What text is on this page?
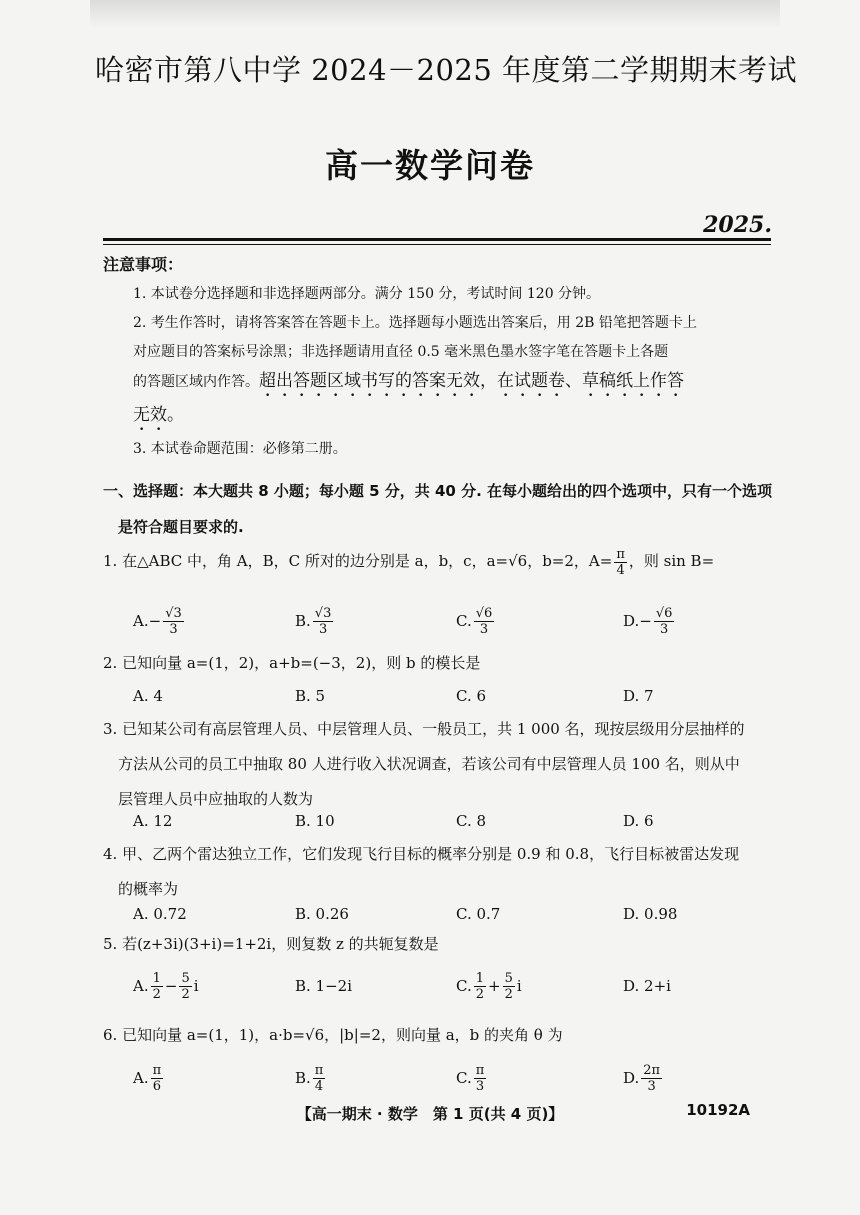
哈密市第八中学 2024－2025 年度第二学期期末考试
高一数学问卷
2025.
注意事项：
1. 本试卷分选择题和非选择题两部分。满分 150 分，考试时间 120 分钟。
2. 考生作答时，请将答案答在答题卡上。选择题每小题选出答案后，用 2B 铅笔把答题卡上
对应题目的答案标号涂黑；非选择题请用直径 0.5 毫米黑色墨水签字笔在答题卡上各题
的答题区域内作答。超出答题区域书写的答案无效，在试题卷、草稿纸上作答
无效。
3. 本试卷命题范围：必修第二册。
一、选择题：本大题共 8 小题；每小题 5 分，共 40 分. 在每小题给出的四个选项中，只有一个选项
是符合题目要求的.
1. 在△ABC 中，角 A，B，C 所对的边分别是 a，b，c，a=√6，b=2，$A= \frac{\pi}{4}$ ，则 sin B=
A. − $\frac{√3}{3}$	B. $\frac{√3}{3}$	C. $\frac{√6}{3}$	D. − $\frac{√6}{3}$
2. 已知向量 a=(1，2)，a+b=(−3，2)，则 b 的模长是
A. 4	B. 5	C. 6	D. 7
3. 已知某公司有高层管理人员、中层管理人员、一般员工，共 1 000 名，现按层级用分层抽样的
方法从公司的员工中抽取 80 人进行收入状况调查，若该公司有中层管理人员 100 名，则从中
层管理人员中应抽取的人数为
A. 12	B. 10	C. 8	D. 6
4. 甲、乙两个雷达独立工作，它们发现飞行目标的概率分别是 0.9 和 0.8，飞行目标被雷达发现
的概率为
A. 0.72	B. 0.26	C. 0.7	D. 0.98
5. 若(z+3i)(3+i)=1+2i，则复数 z 的共轭复数是
A. $\frac{1}{2} - \frac{5}{2}$ i	B. 1−2i	C. $\frac{1}{2} + \frac{5}{2}$ i	D. 2+i
6. 已知向量 a=(1，1)，a·b=√6，|b|=2，则向量 a，b 的夹角 θ 为
A. $\frac{\pi}{6}$	B. $\frac{\pi}{4}$	C. $\frac{\pi}{3}$	D. $\frac{2\pi}{3}$
【高一期末 · 数学　第 1 页(共 4 页)】	10192A
